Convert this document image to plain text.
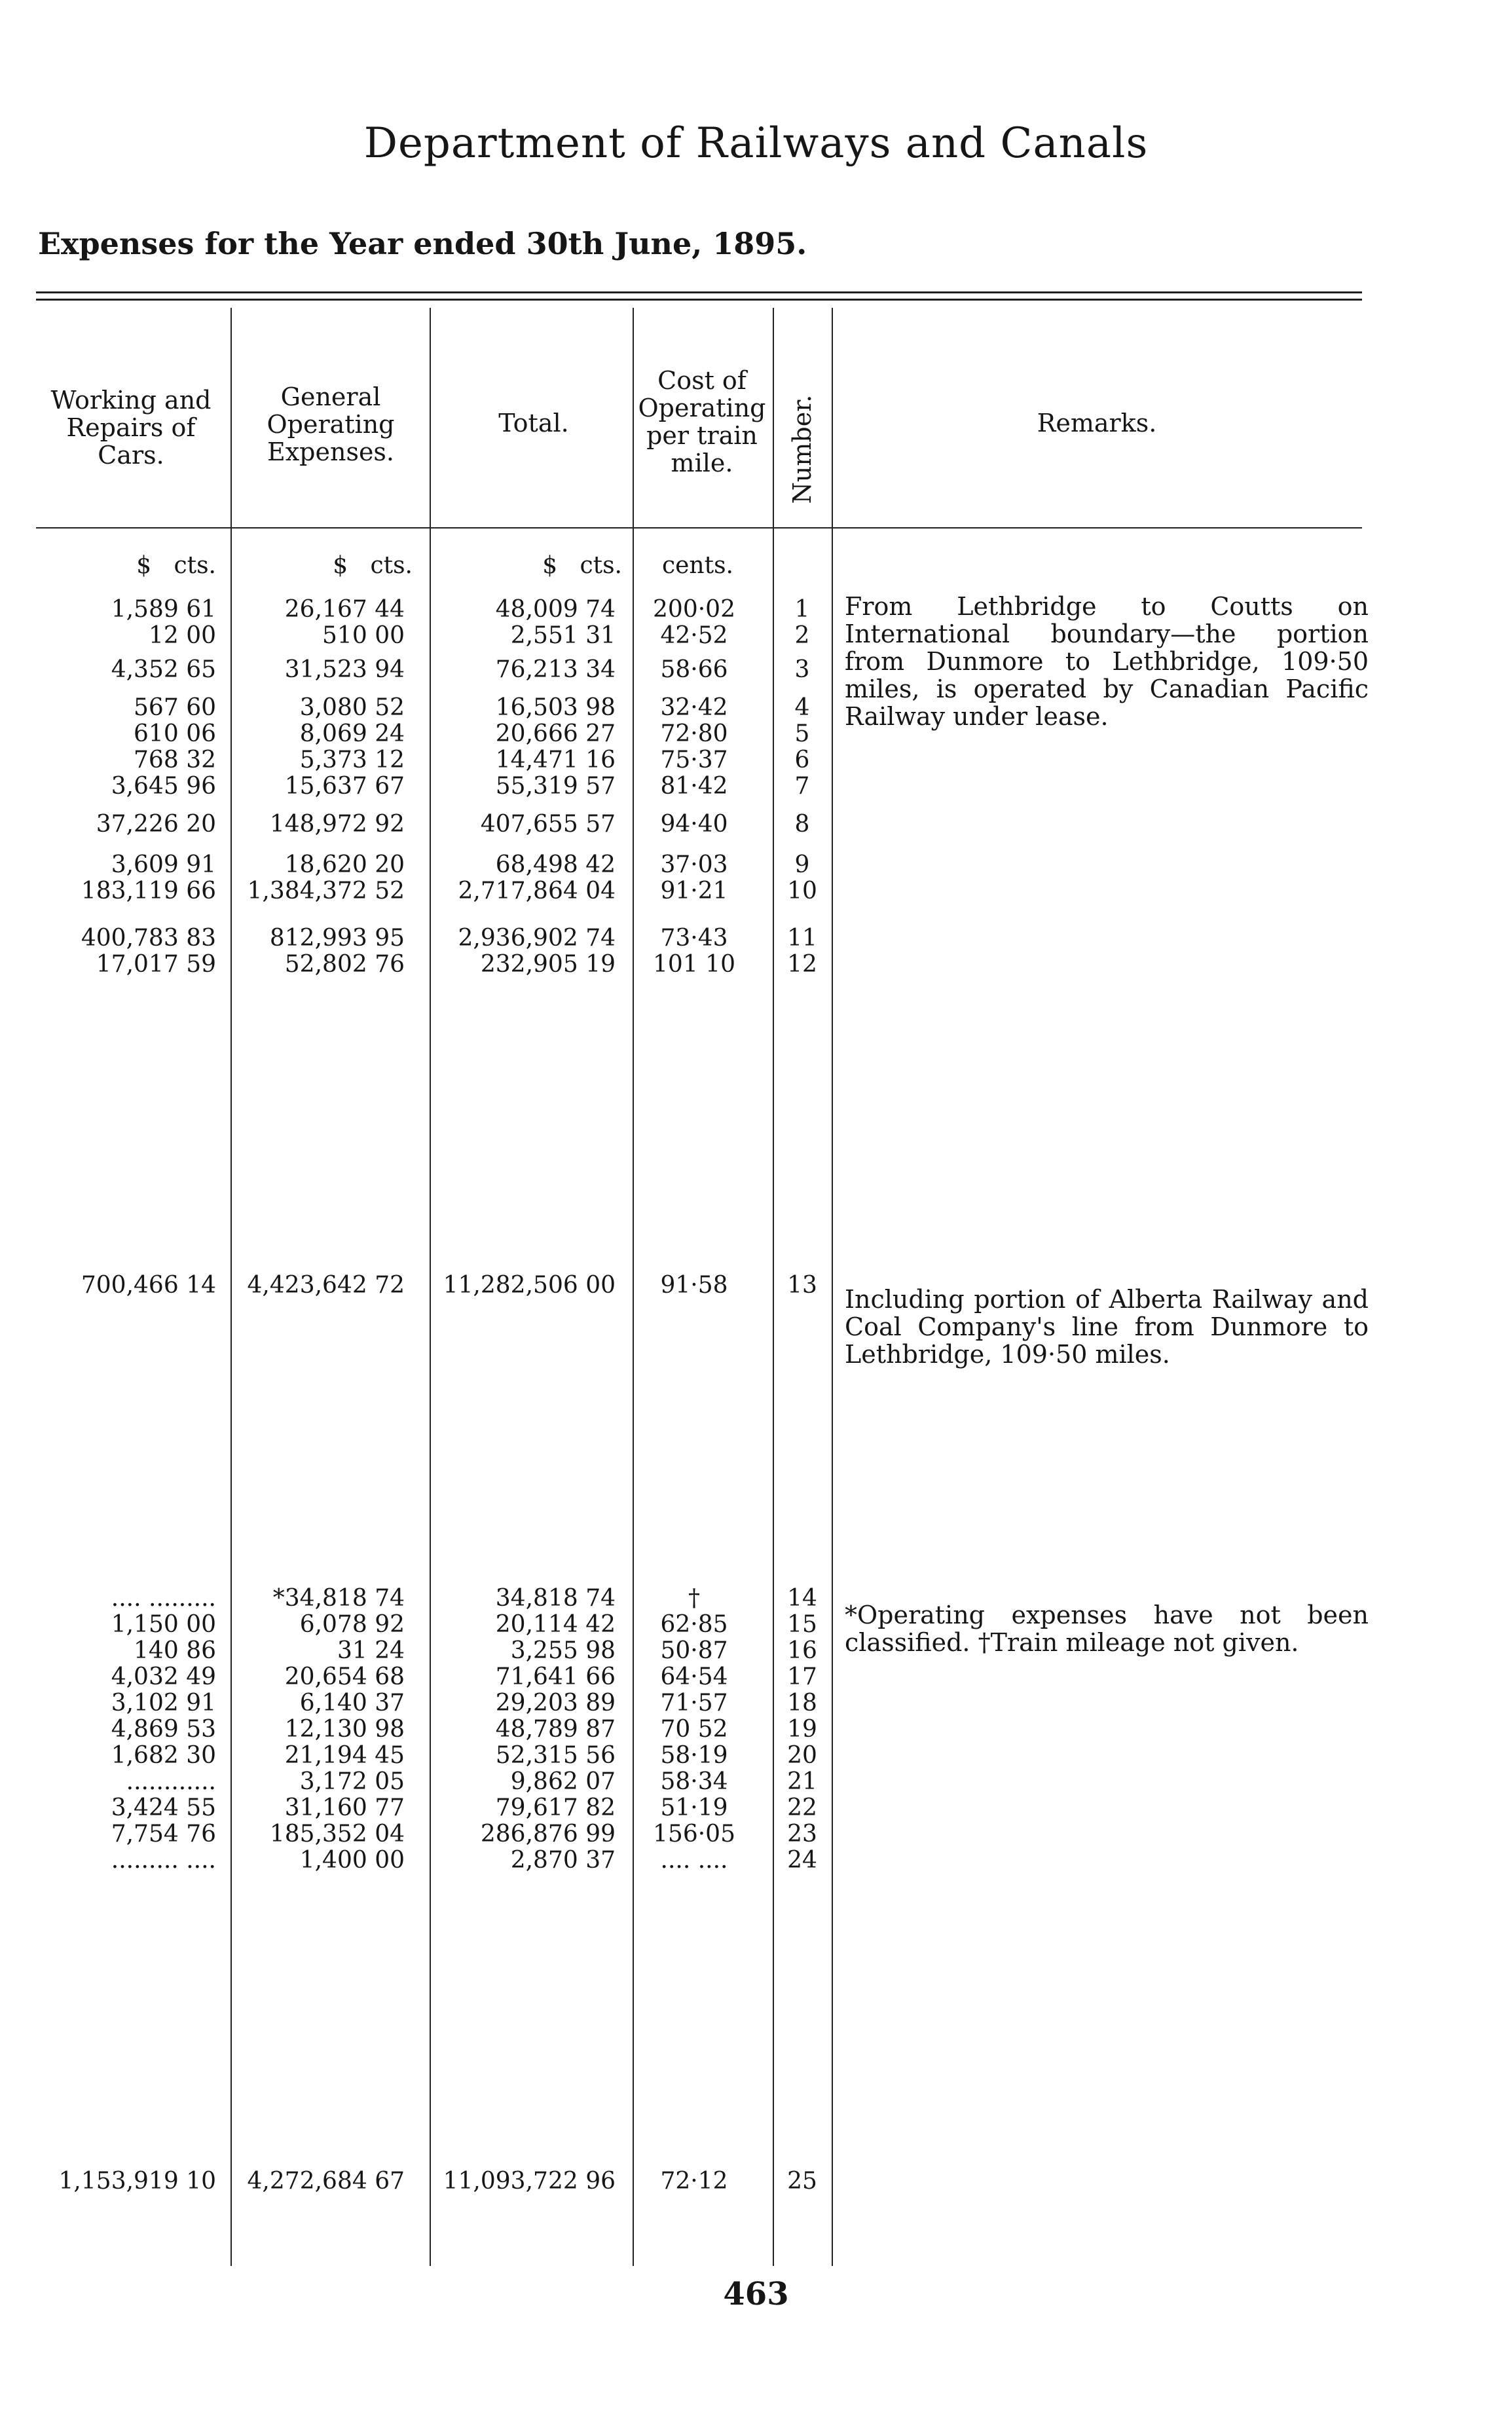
Department of Railways and Canals
Expenses for the Year ended 30th June, 1895.
Working and Repairs of Cars.
General Operating Expenses.
Total.
Cost of Operating per train mile.	Number.	Remarks.
$   cts.	$   cts.	$   cts.	cents.
1,589 61	26,167 44	48,009 74	200·02	1
12 00	510 00	2,551 31	42·52	2
4,352 65	31,523 94	76,213 34	58·66	3
567 60	3,080 52	16,503 98	32·42	4
610 06	8,069 24	20,666 27	72·80	5
768 32	5,373 12	14,471 16	75·37	6
3,645 96	15,637 67	55,319 57	81·42	7
37,226 20	148,972 92	407,655 57	94·40	8
3,609 91	18,620 20	68,498 42	37·03	9
183,119 66	1,384,372 52	2,717,864 04	91·21	10
400,783 83	812,993 95	2,936,902 74	73·43	11
17,017 59	52,802 76	232,905 19	101 10	12
700,466 14	4,423,642 72	11,282,506 00	91·58	13
.... .........	*34,818 74	34,818 74	†	14
1,150 00	6,078 92	20,114 42	62·85	15
140 86	31 24	3,255 98	50·87	16
4,032 49	20,654 68	71,641 66	64·54	17
3,102 91	6,140 37	29,203 89	71·57	18
4,869 53	12,130 98	48,789 87	70 52	19
1,682 30	21,194 45	52,315 56	58·19	20
............	3,172 05	9,862 07	58·34	21
3,424 55	31,160 77	79,617 82	51·19	22
7,754 76	185,352 04	286,876 99	156·05	23
......... ....	1,400 00	2,870 37	.... ....	24
1,153,919 10	4,272,684 67	11,093,722 96	72·12	25
From Lethbridge to Coutts on International boundary—the portion from Dunmore to Lethbridge, 109·50 miles, is operated by Canadian Pacific Railway under lease.
Including portion of Alberta Railway and Coal Company's line from Dunmore to Lethbridge, 109·50 miles.
*Operating expenses have not been classified. †Train mileage not given.
463
